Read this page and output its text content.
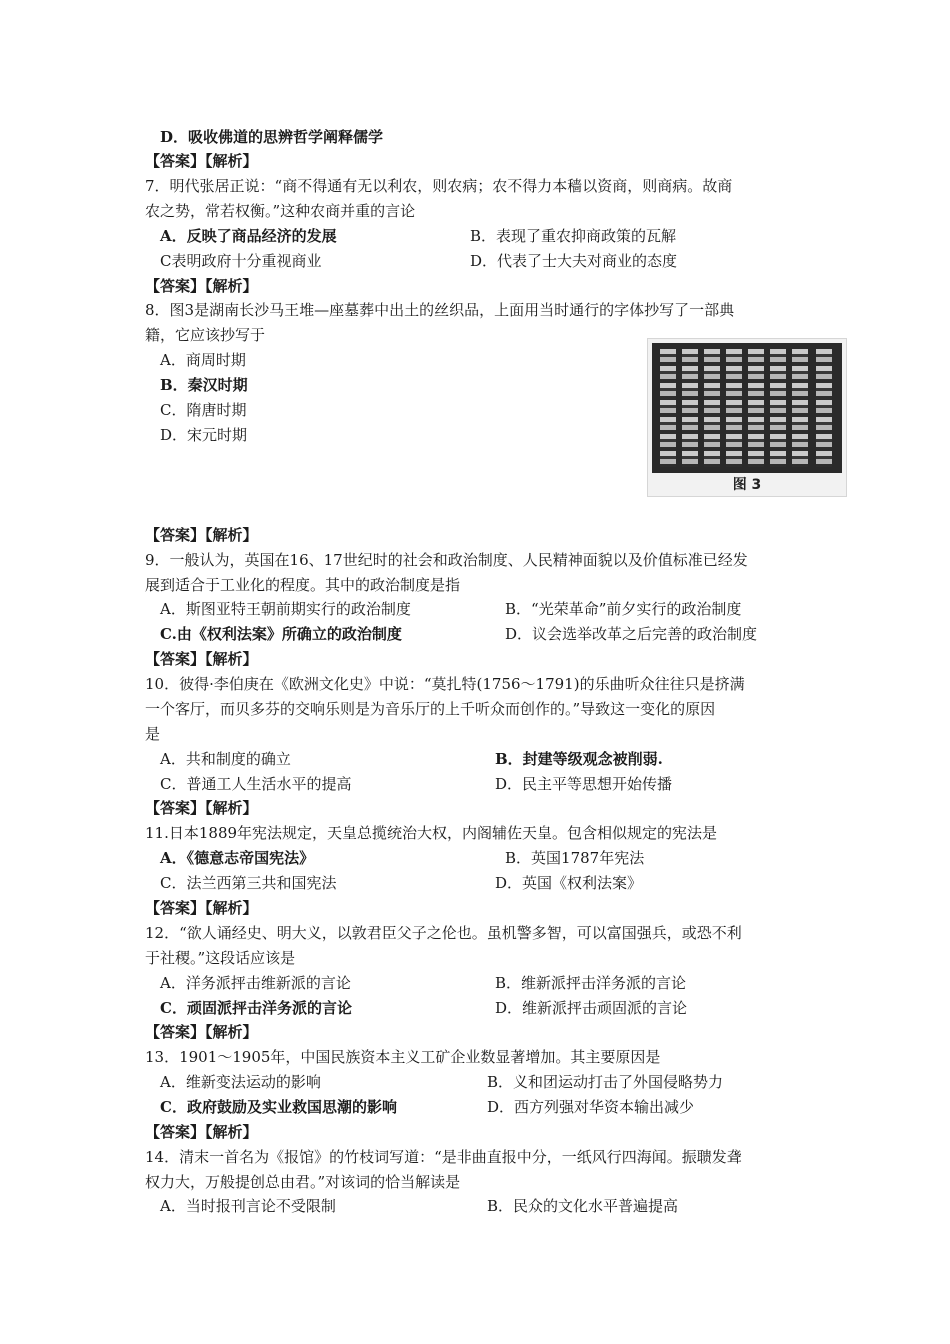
D．吸收佛道的思辨哲学阐释儒学
【答案】【解析】
7．明代张居正说：“商不得通有无以利农，则农病；农不得力本穑以资商，则商病。故商
农之势，常若权衡。”这种农商并重的言论
A．反映了商品经济的发展	B．表现了重农抑商政策的瓦解
C表明政府十分重视商业	D．代表了士大夫对商业的态度
【答案】【解析】
8．图3是湖南长沙马王堆—座墓葬中出土的丝织品，上面用当时通行的字体抄写了一部典
籍，它应该抄写于
A．商周时期
B．秦汉时期
C．隋唐时期
D．宋元时期
图 3
【答案】【解析】
9．一般认为，英国在16、17世纪时的社会和政治制度、人民精神面貌以及价值标准已经发
展到适合于工业化的程度。其中的政治制度是指
A．斯图亚特王朝前期实行的政治制度	B．“光荣革命”前夕实行的政治制度
C.由《权利法案》所确立的政治制度	D．议会选举改革之后完善的政治制度
【答案】【解析】
10．彼得·李伯庚在《欧洲文化史》中说：“莫扎特(1756～1791)的乐曲听众往往只是挤满
一个客厅，而贝多芬的交响乐则是为音乐厅的上千听众而创作的。”导致这一变化的原因
是
A．共和制度的确立	B．封建等级观念被削弱.
C．普通工人生活水平的提高	D．民主平等思想开始传播
【答案】【解析】
11.日本1889年宪法规定，天皇总揽统治大权，内阁辅佐天皇。包含相似规定的宪法是
A．《德意志帝国宪法》	B．英国1787年宪法
C．法兰西第三共和国宪法	D．英国《权利法案》
【答案】【解析】
12．“欲人诵经史、明大义，以敦君臣父子之伦也。虽机警多智，可以富国强兵，或恐不利
于社稷。”这段话应该是
A．洋务派抨击维新派的言论	B．维新派抨击洋务派的言论
C．顽固派抨击洋务派的言论	D．维新派抨击顽固派的言论
【答案】【解析】
13．1901～1905年，中国民族资本主义工矿企业数显著增加。其主要原因是
A．维新变法运动的影响	B．义和团运动打击了外国侵略势力
C．政府鼓励及实业救国思潮的影响	D．西方列强对华资本输出减少
【答案】【解析】
14．清末一首名为《报馆》的竹枝词写道：“是非曲直报中分，一纸风行四海闻。振聩发聋
权力大，万般提创总由君。”对该词的恰当解读是
A．当时报刊言论不受限制	B．民众的文化水平普遍提高
